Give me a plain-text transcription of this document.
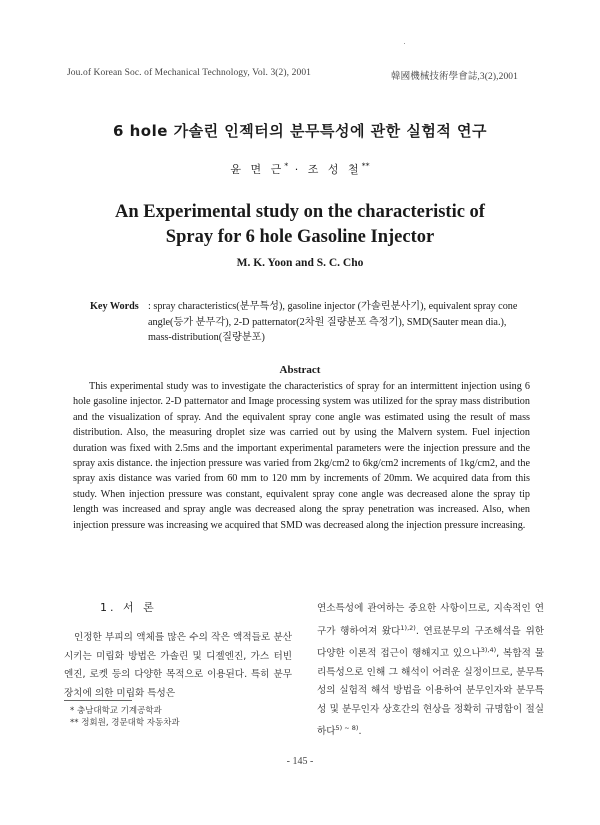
Jou.of Korean Soc. of Mechanical Technology, Vol. 3(2), 2001	韓國機械技術學會誌,3(2),2001
6 hole 가솔린 인젝터의 분무특성에 관한 실험적 연구
윤 면 근* · 조 성 철**
An Experimental study on the characteristic of
Spray for 6 hole Gasoline Injector
M. K. Yoon and S. C. Cho
Key Words : spray characteristics(분무특성), gasoline injector (가솔린분사기), equivalent spray cone angle(등가 분무각), 2-D patternator(2차원 질량분포 측정기), SMD(Sauter mean dia.), mass-distribution(질량분포)
Abstract
This experimental study was to investigate the characteristics of spray for an intermittent injection using 6 hole gasoline injector. 2-D patternator and Image processing system was utilized for the spray mass distribution and the visualization of spray. And the equivalent spray cone angle was estimated using the result of mass distribution. Also, the measuring droplet size was carried out by using the Malvern system. Fuel injection duration was fixed with 2.5ms and the important experimental parameters were the injection pressure and the spray axis distance. the injection pressure was varied from 2kg/cm2 to 6kg/cm2 increments of 1kg/cm2, and the spray axis distance was varied from 60 mm to 120 mm by increments of 20mm. We acquired data from this study. When injection pressure was constant, equivalent spray cone angle was decreased alone the spray tip length was increased and spray angle was decreased along the spray penetration was increased. Also, when injection pressure was increasing we acquired that SMD was decreased along the injection pressure increasing.
1. 서 론
인정한 부피의 액체를 많은 수의 작은 액적들로 분산시키는 미립화 방법은 가솔린 및 디젤엔진, 가스 터빈 엔진, 로켓 등의 다양한 목적으로 이용된다. 특히 분무장치에 의한 미립화 특성은
연소특성에 관여하는 중요한 사항이므로, 지속적인 연구가 행하여져 왔다$^{1),2)}$. 연료분무의 구조해석을 위한 다양한 이론적 접근이 행해지고 있으나$^{3),4)}$, 복합적 물리특성으로 인해 그 해석이 어려운 실정이므로, 분무특성의 실험적 해석 방법을 이용하여 분무인자와 분무특성 및 분무인자 상호간의 현상을 정확히 규명함이 절실하다$^{5) \sim 8)}$.
* 충남대학교 기계공학과
** 정회원, 경문대학 자동차과
- 145 -
